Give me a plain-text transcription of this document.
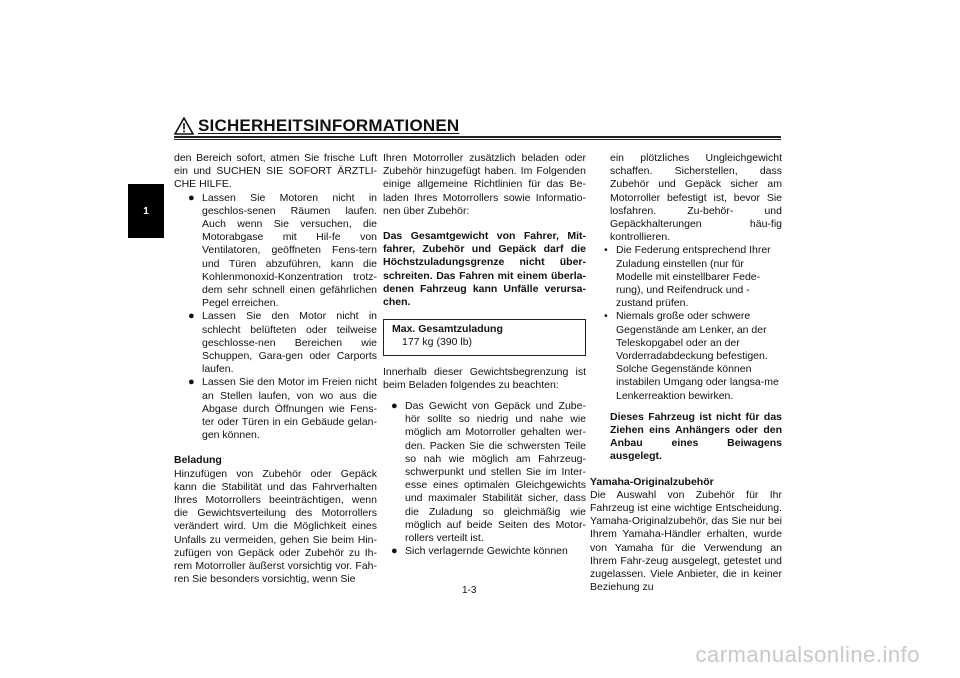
SICHERHEITSINFORMATIONEN
1

den Bereich sofort, atmen Sie frische Luft ein und SUCHEN SIE SOFORT ÄRZTLI-CHE HILFE.

● Lassen Sie Motoren nicht in geschlos-senen Räumen laufen. Auch wenn Sie versuchen, die Motorabgase mit Hil-fe von Ventilatoren, geöffneten Fens-tern und Türen abzuführen, kann die Kohlenmonoxid-Konzentration trotz-dem sehr schnell einen gefährlichen Pegel erreichen.
● Lassen Sie den Motor nicht in schlecht belüfteten oder teilweise geschlosse-nen Bereichen wie Schuppen, Gara-gen oder Carports laufen.
● Lassen Sie den Motor im Freien nicht an Stellen laufen, von wo aus die Abgase durch Öffnungen wie Fens-ter oder Türen in ein Gebäude gelan-gen können.

Beladung

Hinzufügen von Zubehör oder Gepäck kann die Stabilität und das Fahrverhalten Ihres Motorrollers beeinträchtigen, wenn die Gewichtsverteilung des Motorrollers verändert wird. Um die Möglichkeit eines Unfalls zu vermeiden, gehen Sie beim Hin-zufügen von Gepäck oder Zubehör zu Ih-rem Motorroller äußerst vorsichtig vor. Fah-ren Sie besonders vorsichtig, wenn Sie

Ihren Motorroller zusätzlich beladen oder Zubehör hinzugefügt haben. Im Folgenden einige allgemeine Richtlinien für das Be-laden Ihres Motorrollers sowie Informatio-nen über Zubehör:

Das Gesamtgewicht von Fahrer, Mit-fahrer, Zubehör und Gepäck darf die Höchstzuladungsgrenze nicht über-schreiten. Das Fahren mit einem überla-denen Fahrzeug kann Unfälle verursa-chen.

Max. Gesamtzuladung
177 kg (390 lb)

Innerhalb dieser Gewichtsbegrenzung ist beim Beladen folgendes zu beachten:

● Das Gewicht von Gepäck und Zube-hör sollte so niedrig und nahe wie möglich am Motorroller gehalten wer-den. Packen Sie die schwersten Teile so nah wie möglich am Fahrzeug-schwerpunkt und stellen Sie im Inter-esse eines optimalen Gleichgewichts und maximaler Stabilität sicher, dass die Zuladung so gleichmäßig wie möglich auf beide Seiten des Motor-rollers verteilt ist.
● Sich verlagernde Gewichte können

ein plötzliches Ungleichgewicht schaffen. Sicherstellen, dass Zubehör und Gepäck sicher am Motorroller befestigt ist, bevor Sie losfahren. Zu-behör- und Gepäckhalterungen häu-fig kontrollieren.

• Die Federung entsprechend Ihrer Zuladung einstellen (nur für Modelle mit einstellbarer Fede-rung), und Reifendruck und -zustand prüfen.
• Niemals große oder schwere Gegenstände am Lenker, an der Teleskopgabel oder an der Vorderradabdeckung befestigen. Solche Gegenstände können instabilen Umgang oder langsa-me Lenkerreaktion bewirken.

Dieses Fahrzeug ist nicht für das Ziehen eins Anhängers oder den Anbau eines Beiwagens ausgelegt.

Yamaha-Originalzubehör

Die Auswahl von Zubehör für Ihr Fahrzeug ist eine wichtige Entscheidung. Yamaha-Originalzubehör, das Sie nur bei Ihrem Yamaha-Händler erhalten, wurde von Yamaha für die Verwendung an Ihrem Fahr-zeug ausgelegt, getestet und zugelassen. Viele Anbieter, die in keiner Beziehung zu

1-3
carmanualsonline.info
